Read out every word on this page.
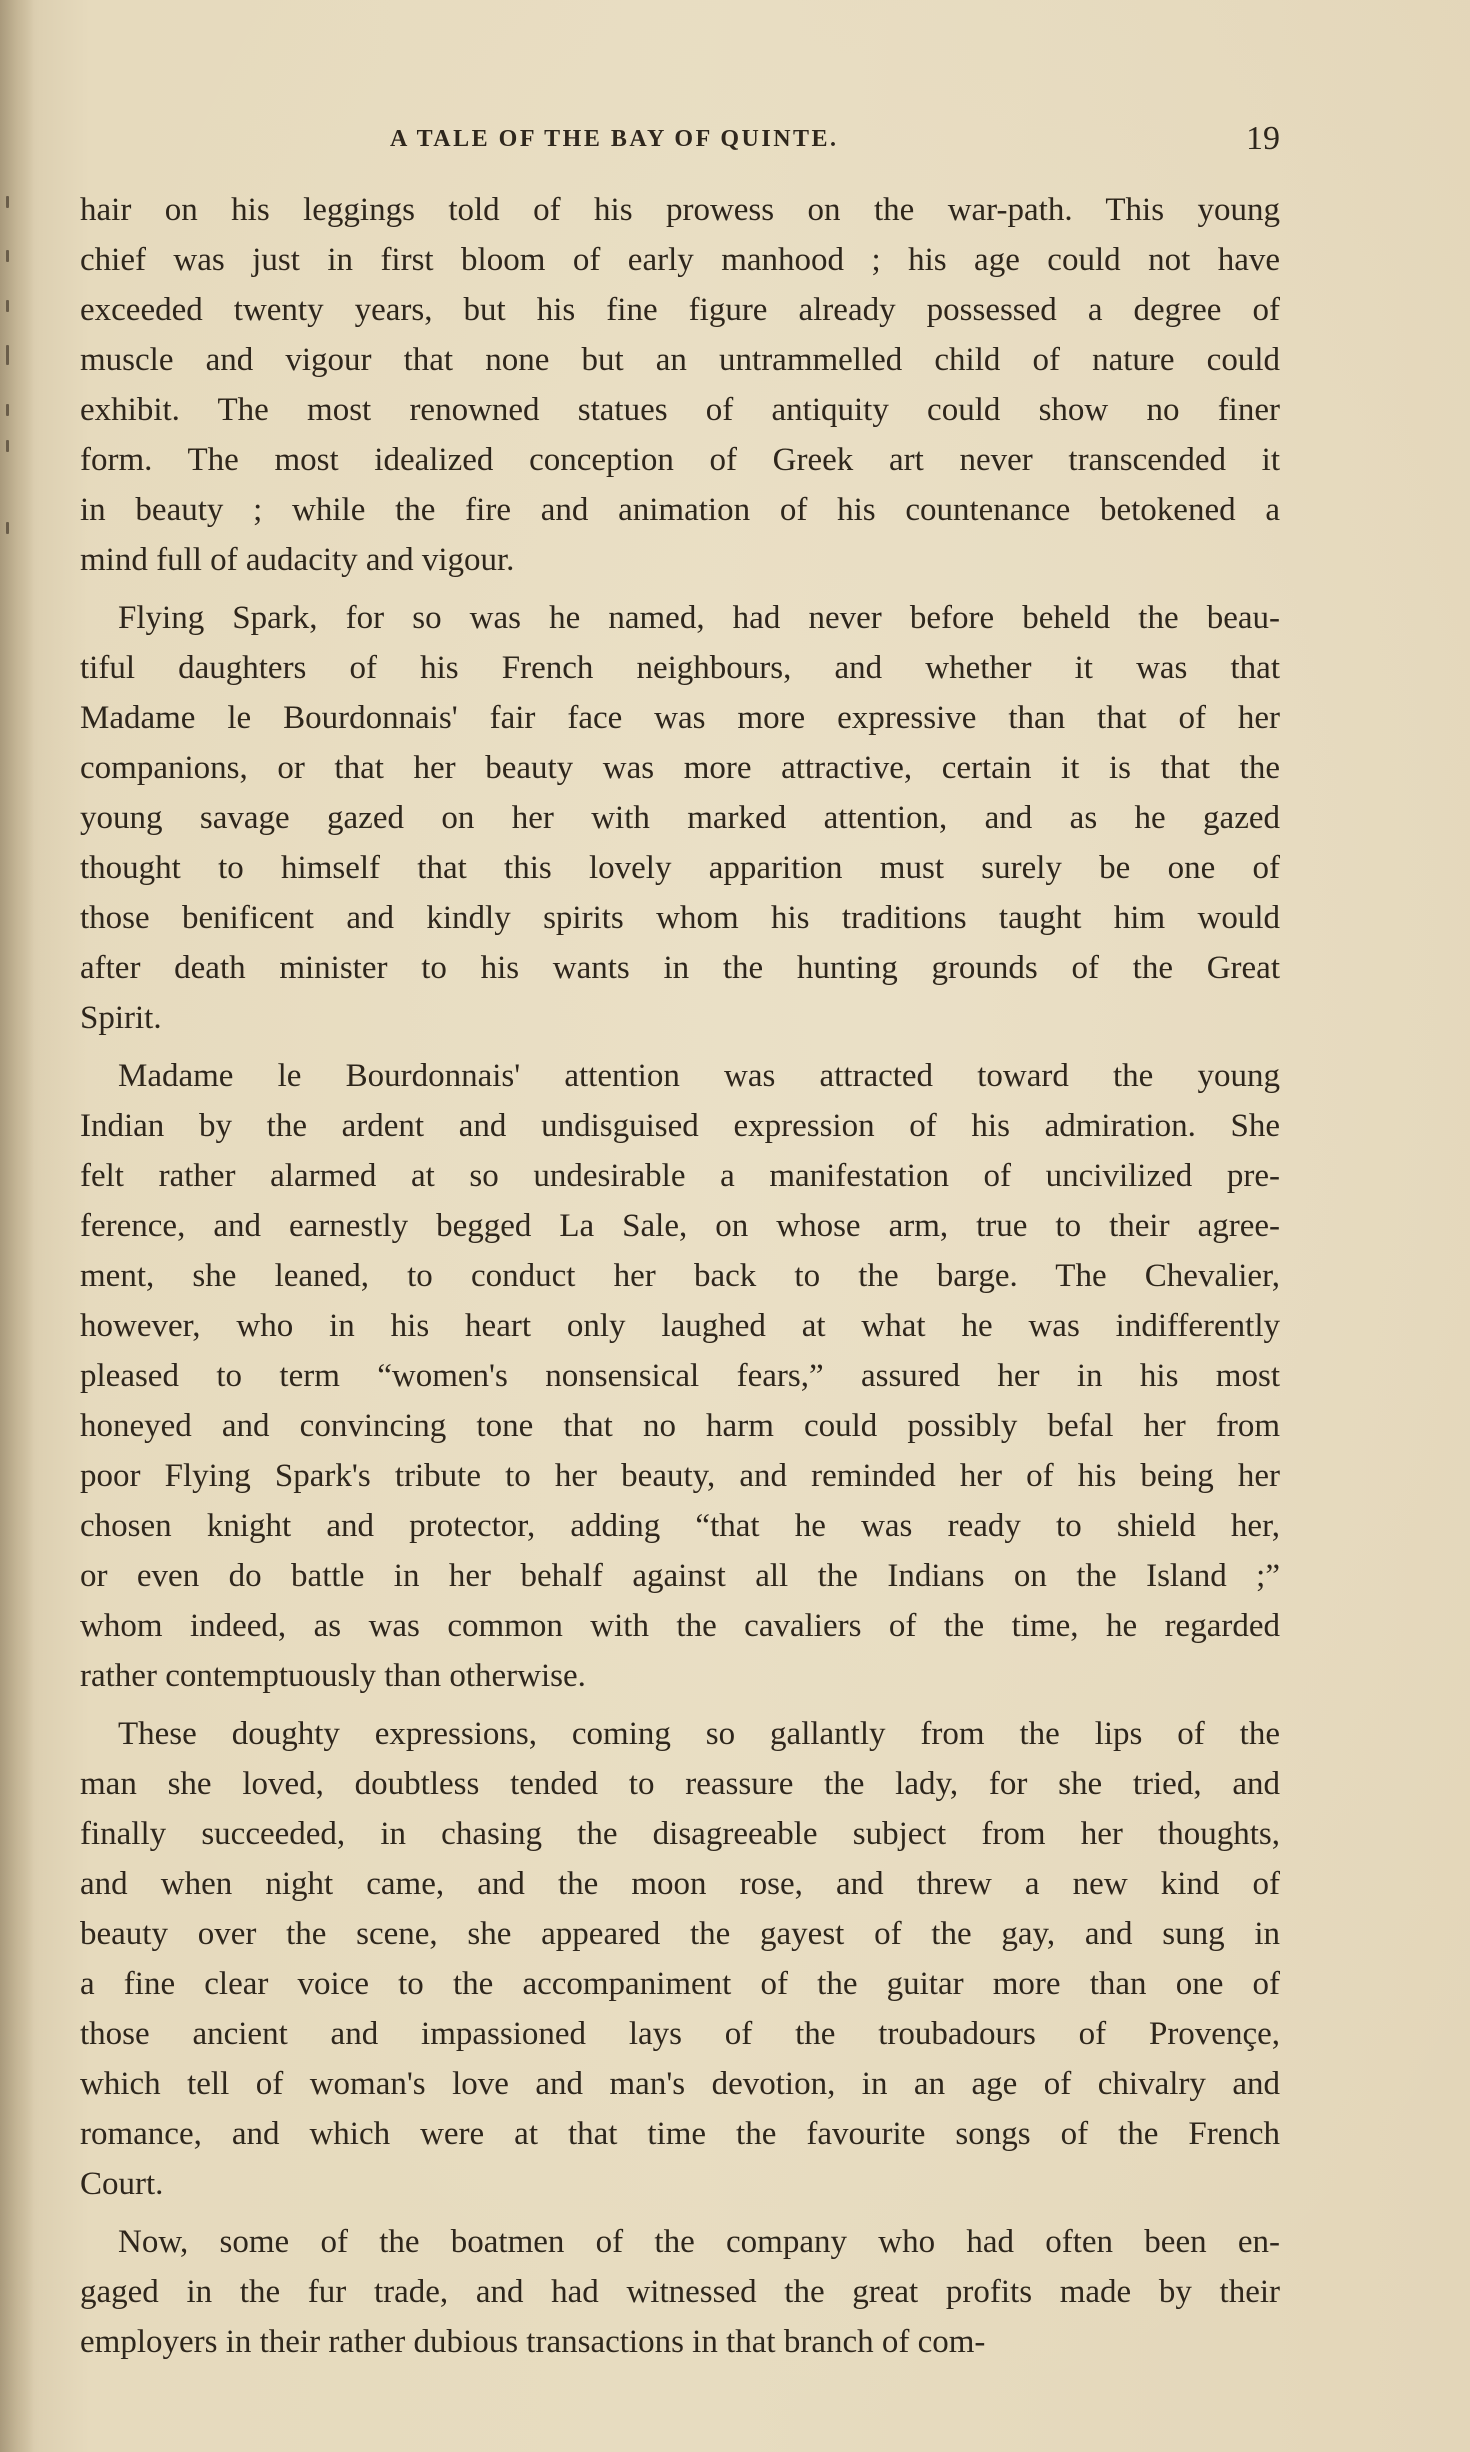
A TALE OF THE BAY OF QUINTE.	19
hair on his leggings told of his prowess on the war-path. This young
chief was just in first bloom of early manhood ; his age could not have
exceeded twenty years, but his fine figure already possessed a degree of
muscle and vigour that none but an untrammelled child of nature could
exhibit. The most renowned statues of antiquity could show no finer
form. The most idealized conception of Greek art never transcended it
in beauty ; while the fire and animation of his countenance betokened a
mind full of audacity and vigour.
Flying Spark, for so was he named, had never before beheld the beau-
tiful daughters of his French neighbours, and whether it was that
Madame le Bourdonnais' fair face was more expressive than that of her
companions, or that her beauty was more attractive, certain it is that the
young savage gazed on her with marked attention, and as he gazed
thought to himself that this lovely apparition must surely be one of
those benificent and kindly spirits whom his traditions taught him would
after death minister to his wants in the hunting grounds of the Great
Spirit.
Madame le Bourdonnais' attention was attracted toward the young
Indian by the ardent and undisguised expression of his admiration. She
felt rather alarmed at so undesirable a manifestation of uncivilized pre-
ference, and earnestly begged La Sale, on whose arm, true to their agree-
ment, she leaned, to conduct her back to the barge. The Chevalier,
however, who in his heart only laughed at what he was indifferently
pleased to term “women's nonsensical fears,” assured her in his most
honeyed and convincing tone that no harm could possibly befal her from
poor Flying Spark's tribute to her beauty, and reminded her of his being her
chosen knight and protector, adding “that he was ready to shield her,
or even do battle in her behalf against all the Indians on the Island ;”
whom indeed, as was common with the cavaliers of the time, he regarded
rather contemptuously than otherwise.
These doughty expressions, coming so gallantly from the lips of the
man she loved, doubtless tended to reassure the lady, for she tried, and
finally succeeded, in chasing the disagreeable subject from her thoughts,
and when night came, and the moon rose, and threw a new kind of
beauty over the scene, she appeared the gayest of the gay, and sung in
a fine clear voice to the accompaniment of the guitar more than one of
those ancient and impassioned lays of the troubadours of Provençe,
which tell of woman's love and man's devotion, in an age of chivalry and
romance, and which were at that time the favourite songs of the French
Court.
Now, some of the boatmen of the company who had often been en-
gaged in the fur trade, and had witnessed the great profits made by their
employers in their rather dubious transactions in that branch of com-
